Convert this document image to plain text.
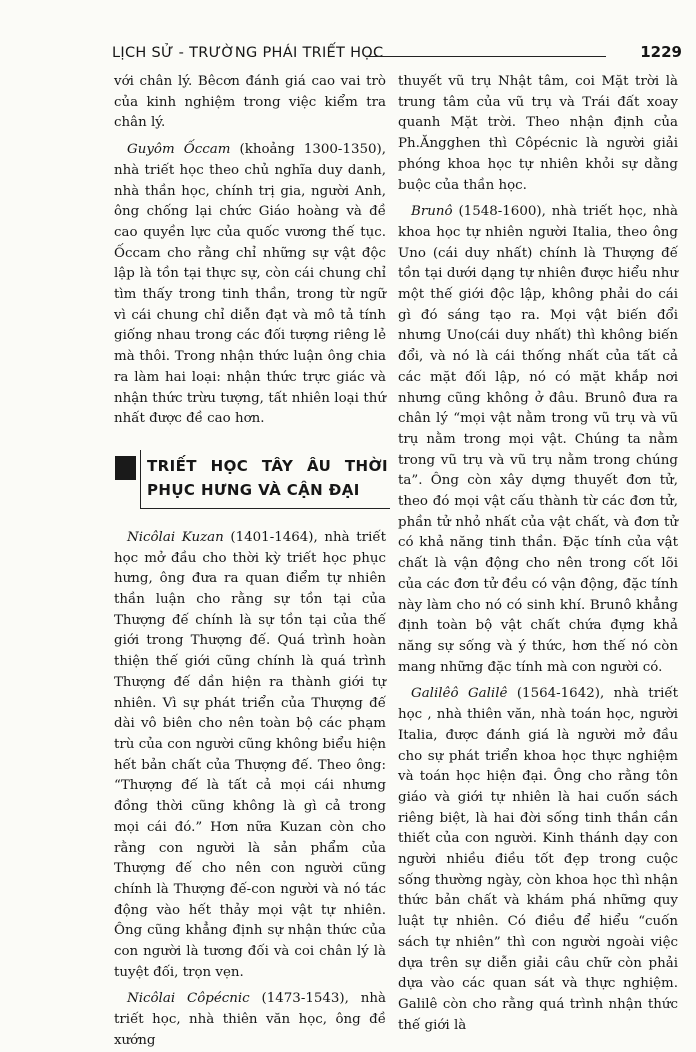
LỊCH SỬ - TRƯỜNG PHÁI TRIẾT HỌC	1229

với chân lý. Bêcơn đánh giá cao vai trò của kinh nghiệm trong việc kiểm tra chân lý.

Guyôm Ốccam (khoảng 1300-1350), nhà triết học theo chủ nghĩa duy danh, nhà thần học, chính trị gia, người Anh, ông chống lại chức Giáo hoàng và đề cao quyền lực của quốc vương thế tục. Ốccam cho rằng chỉ những sự vật độc lập là tồn tại thực sự, còn cái chung chỉ tìm thấy trong tinh thần, trong từ ngữ vì cái chung chỉ diễn đạt và mô tả tính giống nhau trong các đối tượng riêng lẻ mà thôi. Trong nhận thức luận ông chia ra làm hai loại: nhận thức trực giác và nhận thức trừu tượng, tất nhiên loại thứ nhất được đề cao hơn.

TRIẾT HỌC TÂY ÂU THỜI PHỤC HƯNG VÀ CẬN ĐẠI

Nicôlai Kuzan (1401-1464), nhà triết học mở đầu cho thời kỳ triết học phục hưng, ông đưa ra quan điểm tự nhiên thần luận cho rằng sự tồn tại của Thượng đế chính là sự tồn tại của thế giới trong Thượng đế. Quá trình hoàn thiện thế giới cũng chính là quá trình Thượng đế dần hiện ra thành giới tự nhiên. Vì sự phát triển của Thượng đế dài vô biên cho nên toàn bộ các phạm trù của con người cũng không biểu hiện hết bản chất của Thượng đế. Theo ông: “Thượng đế là tất cả mọi cái nhưng đồng thời cũng không là gì cả trong mọi cái đó.” Hơn nữa Kuzan còn cho rằng con người là sản phẩm của Thượng đế cho nên con người cũng chính là Thượng đế-con người và nó tác động vào hết thảy mọi vật tự nhiên. Ông cũng khẳng định sự nhận thức của con người là tương đối và coi chân lý là tuyệt đối, trọn vẹn.

Nicôlai Côpécnic (1473-1543), nhà triết học, nhà thiên văn học, ông đề xướng

thuyết vũ trụ Nhật tâm, coi Mặt trời là trung tâm của vũ trụ và Trái đất xoay quanh Mặt trời. Theo nhận định của Ph.Ăngghen thì Côpécnic là người giải phóng khoa học tự nhiên khỏi sự dằng buộc của thần học.

Brunô (1548-1600), nhà triết học, nhà khoa học tự nhiên người Italia, theo ông Uno (cái duy nhất) chính là Thượng đế tồn tại dưới dạng tự nhiên được hiểu như một thế giới độc lập, không phải do cái gì đó sáng tạo ra. Mọi vật biến đổi nhưng Uno(cái duy nhất) thì không biến đổi, và nó là cái thống nhất của tất cả các mặt đối lập, nó có mặt khắp nơi nhưng cũng không ở đâu. Brunô đưa ra chân lý “mọi vật nằm trong vũ trụ và vũ trụ nằm trong mọi vật. Chúng ta nằm trong vũ trụ và vũ trụ nằm trong chúng ta”. Ông còn xây dựng thuyết đơn tử, theo đó mọi vật cấu thành từ các đơn tử, phần tử nhỏ nhất của vật chất, và đơn tử có khả năng tinh thần. Đặc tính của vật chất là vận động cho nên trong cốt lõi của các đơn tử đều có vận động, đặc tính này làm cho nó có sinh khí. Brunô khẳng định toàn bộ vật chất chứa đựng khả năng sự sống và ý thức, hơn thế nó còn mang những đặc tính mà con người có.

Galilêô Galilê (1564-1642), nhà triết học , nhà thiên văn, nhà toán học, người Italia, được đánh giá là người mở đầu cho sự phát triển khoa học thực nghiệm và toán học hiện đại. Ông cho rằng tôn giáo và giới tự nhiên là hai cuốn sách riêng biệt, là hai đời sống tinh thần cần thiết của con người. Kinh thánh dạy con người nhiều điều tốt đẹp trong cuộc sống thường ngày, còn khoa học thì nhận thức bản chất và khám phá những quy luật tự nhiên. Có điều để hiểu “cuốn sách tự nhiên” thì con người ngoài việc dựa trên sự diễn giải câu chữ còn phải dựa vào các quan sát và thực nghiệm. Galilê còn cho rằng quá trình nhận thức thế giới là
